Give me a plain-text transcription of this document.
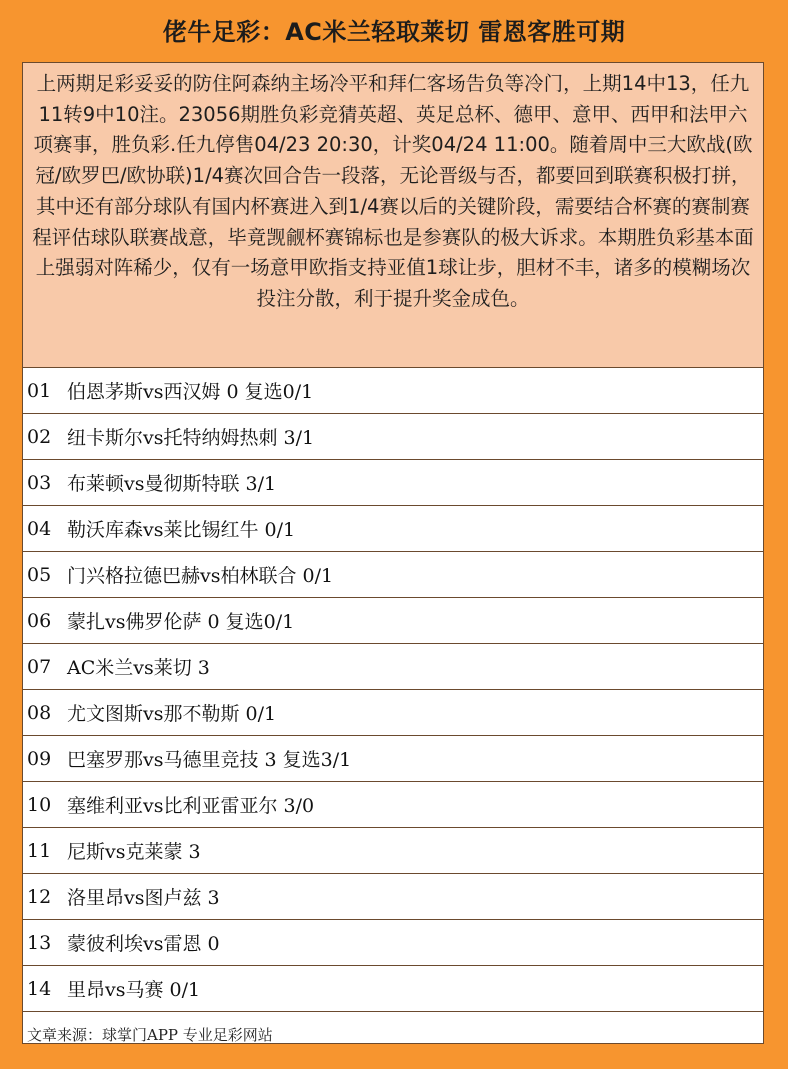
佬牛足彩：AC米兰轻取莱切 雷恩客胜可期
上两期足彩妥妥的防住阿森纳主场冷平和拜仁客场告负等冷门，上期14中13，任九11转9中10注。23056期胜负彩竞猜英超、英足总杯、德甲、意甲、西甲和法甲六项赛事，胜负彩.任九停售04/23 20:30，计奖04/24 11:00。随着周中三大欧战(欧冠/欧罗巴/欧协联)1/4赛次回合告一段落，无论晋级与否，都要回到联赛积极打拼，其中还有部分球队有国内杯赛进入到1/4赛以后的关键阶段，需要结合杯赛的赛制赛程评估球队联赛战意，毕竟觊觎杯赛锦标也是参赛队的极大诉求。本期胜负彩基本面上强弱对阵稀少，仅有一场意甲欧指支持亚值1球让步，胆材不丰，诸多的模糊场次投注分散，利于提升奖金成色。
01 伯恩茅斯vs西汉姆 0 复选0/1
02 纽卡斯尔vs托特纳姆热刺 3/1
03 布莱顿vs曼彻斯特联 3/1
04 勒沃库森vs莱比锡红牛 0/1
05 门兴格拉德巴赫vs柏林联合 0/1
06 蒙扎vs佛罗伦萨 0 复选0/1
07 AC米兰vs莱切 3
08 尤文图斯vs那不勒斯 0/1
09 巴塞罗那vs马德里竞技 3 复选3/1
10 塞维利亚vs比利亚雷亚尔 3/0
11 尼斯vs克莱蒙 3
12 洛里昂vs图卢兹 3
13 蒙彼利埃vs雷恩 0
14 里昂vs马赛 0/1
文章来源：球掌门APP 专业足彩网站
